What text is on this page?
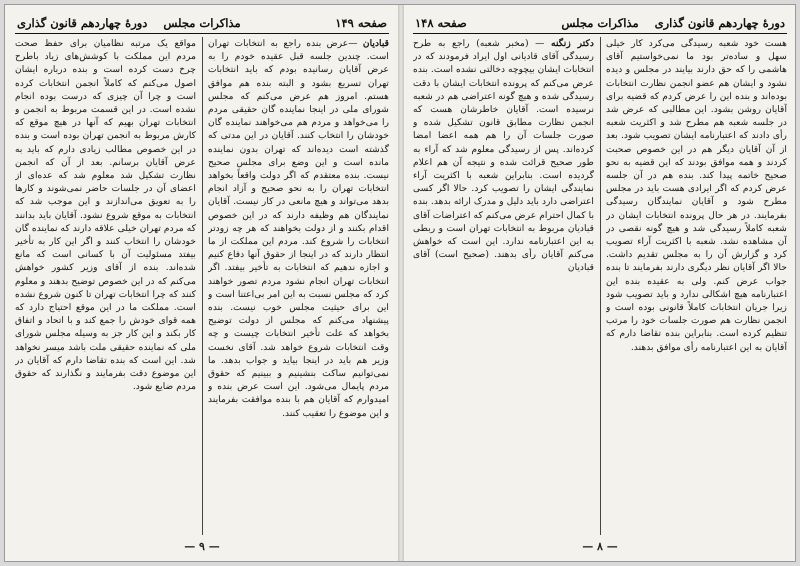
صفحه ۱۴۹
مذاکرات مجلس
دورهٔ چهاردهم قانون گذاری

قبادیان —عرض بنده راجع به انتخابات تهران است. چندین جلسه قبل عقیده خودم را به عرض آقایان رسانیده بودم که باید انتخابات تهران تسریع بشود و البته بنده هم موافق هستم. امروز هم عرض می‌کنم که مجلس شورای ملی در اینجا نماینده گان حقیقی مردم را می‌خواهد و مردم هم می‌خواهند نماینده گان خودشان را انتخاب کنند. آقایان در این مدتی که گذشته است دیده‌اند که تهران بدون نماینده مانده است و این وضع برای مجلس صحیح نیست. بنده معتقدم که اگر دولت واقعاً بخواهد انتخابات تهران را به نحو صحیح و آزاد انجام بدهد می‌تواند و هیچ مانعی در کار نیست. آقایان نمایندگان هم وظیفه دارند که در این خصوص اقدام بکنند و از دولت بخواهند که هر چه زودتر انتخابات را شروع کند. مردم این مملکت از ما انتظار دارند که در اینجا از حقوق آنها دفاع کنیم و اجازه ندهیم که انتخابات به تأخیر بیفتد. اگر انتخابات تهران انجام نشود مردم تصور خواهند کرد که مجلس نسبت به این امر بی‌اعتنا است و این برای حیثیت مجلس خوب نیست. بنده پیشنهاد می‌کنم که مجلس از دولت توضیح بخواهد که علت تأخیر انتخابات چیست و چه وقت انتخابات شروع خواهد شد. آقای نخست وزیر هم باید در اینجا بیاید و جواب بدهد. ما نمی‌توانیم ساکت بنشینیم و ببینیم که حقوق مردم پایمال می‌شود. این است عرض بنده و امیدوارم که آقایان هم با بنده موافقت بفرمایند و این موضوع را تعقیب کنند.

مواقع یک مرتبه نظامیان برای حفظ صحت مردم این مملکت با کوشش‌های زیاد باطرح چرخ دست کرده است و بنده درباره ایشان اصول می‌کنم که کاملاً انجمن انتخابات کرده است و چرا آن چیزی که درست بوده انجام نشده است. در این قسمت مربوط به انجمن و انتخابات تهران بهیم که آنها در هیچ موقع که کارش مربوط به انجمن تهران بوده است و بنده در این خصوص مطالب زیادی دارم که باید به عرض آقایان برسانم. بعد از آن که انجمن نظارت تشکیل شد معلوم شد که عده‌ای از اعضای آن در جلسات حاضر نمی‌شوند و کارها را به تعویق می‌اندازند و این موجب شد که انتخابات به موقع شروع نشود. آقایان باید بدانند که مردم تهران خیلی علاقه دارند که نماینده گان خودشان را انتخاب کنند و اگر این کار به تأخیر بیفتد مسئولیت آن با کسانی است که مانع شده‌اند. بنده از آقای وزیر کشور خواهش می‌کنم که در این خصوص توضیح بدهند و معلوم کنند که چرا انتخابات تهران تا کنون شروع نشده است. مملکت ما در این موقع احتیاج دارد که همه قوای خودش را جمع کند و با اتحاد و اتفاق کار بکند و این کار جز به وسیله مجلس شورای ملی که نماینده حقیقی ملت باشد میسر نخواهد شد. این است که بنده تقاضا دارم که آقایان در این موضوع دقت بفرمایند و نگذارند که حقوق مردم ضایع شود.

— ۹ —
دورهٔ چهاردهم قانون گذاری
مذاکرات مجلس
صفحه ۱۴۸

هست خود شعبه رسیدگی می‌کرد کار خیلی سهل و ساده‌تر بود ما نمی‌خواستیم آقای هاشمی را که حق دارند بیایند در مجلس و دیده نشود و ایشان هم عضو انجمن نظارت انتخابات بوده‌اند و بنده این را عرض کردم که قضیه برای آقایان روشن بشود. این مطالبی که عرض شد در جلسه شعبه هم مطرح شد و اکثریت شعبه رأی دادند که اعتبارنامه ایشان تصویب شود. بعد از آن آقایان دیگر هم در این خصوص صحبت کردند و همه موافق بودند که این قضیه به نحو صحیح خاتمه پیدا کند. بنده هم در آن جلسه عرض کردم که اگر ایرادی هست باید در مجلس مطرح شود و آقایان نمایندگان رسیدگی بفرمایند. در هر حال پرونده انتخابات ایشان در شعبه کاملاً رسیدگی شد و هیچ گونه نقصی در آن مشاهده نشد. شعبه با اکثریت آراء تصویب کرد و گزارش آن را به مجلس تقدیم داشت. حالا اگر آقایان نظر دیگری دارند بفرمایند تا بنده جواب عرض کنم. ولی به عقیده بنده این اعتبارنامه هیچ اشکالی ندارد و باید تصویب شود زیرا جریان انتخابات کاملاً قانونی بوده است و انجمن نظارت هم صورت جلسات خود را مرتب تنظیم کرده است. بنابراین بنده تقاضا دارم که آقایان به این اعتبارنامه رأی موافق بدهند.

دکتر زنگنه — (مخبر شعبه) راجع به طرح رسیدگی آقای قادیانی اول ایراد فرمودند که در انتخابات ایشان بیچوچه دخالتی نشده است. بنده عرض می‌کنم که پرونده انتخابات ایشان با دقت رسیدگی شده و هیچ گونه اعتراضی هم در شعبه نرسیده است. آقایان خاطرشان هست که انجمن نظارت مطابق قانون تشکیل شده و صورت جلسات آن را هم همه اعضا امضا کرده‌اند. پس از رسیدگی معلوم شد که آراء به طور صحیح قرائت شده و نتیجه آن هم اعلام گردیده است. بنابراین شعبه با اکثریت آراء نمایندگی ایشان را تصویب کرد. حالا اگر کسی اعتراضی دارد باید دلیل و مدرک ارائه بدهد. بنده با کمال احترام عرض می‌کنم که اعتراضات آقای قبادیان مربوط به انتخابات تهران است و ربطی به این اعتبارنامه ندارد. این است که خواهش می‌کنم آقایان رأی بدهند. (صحیح است) آقای قبادیان

— ۸ —
